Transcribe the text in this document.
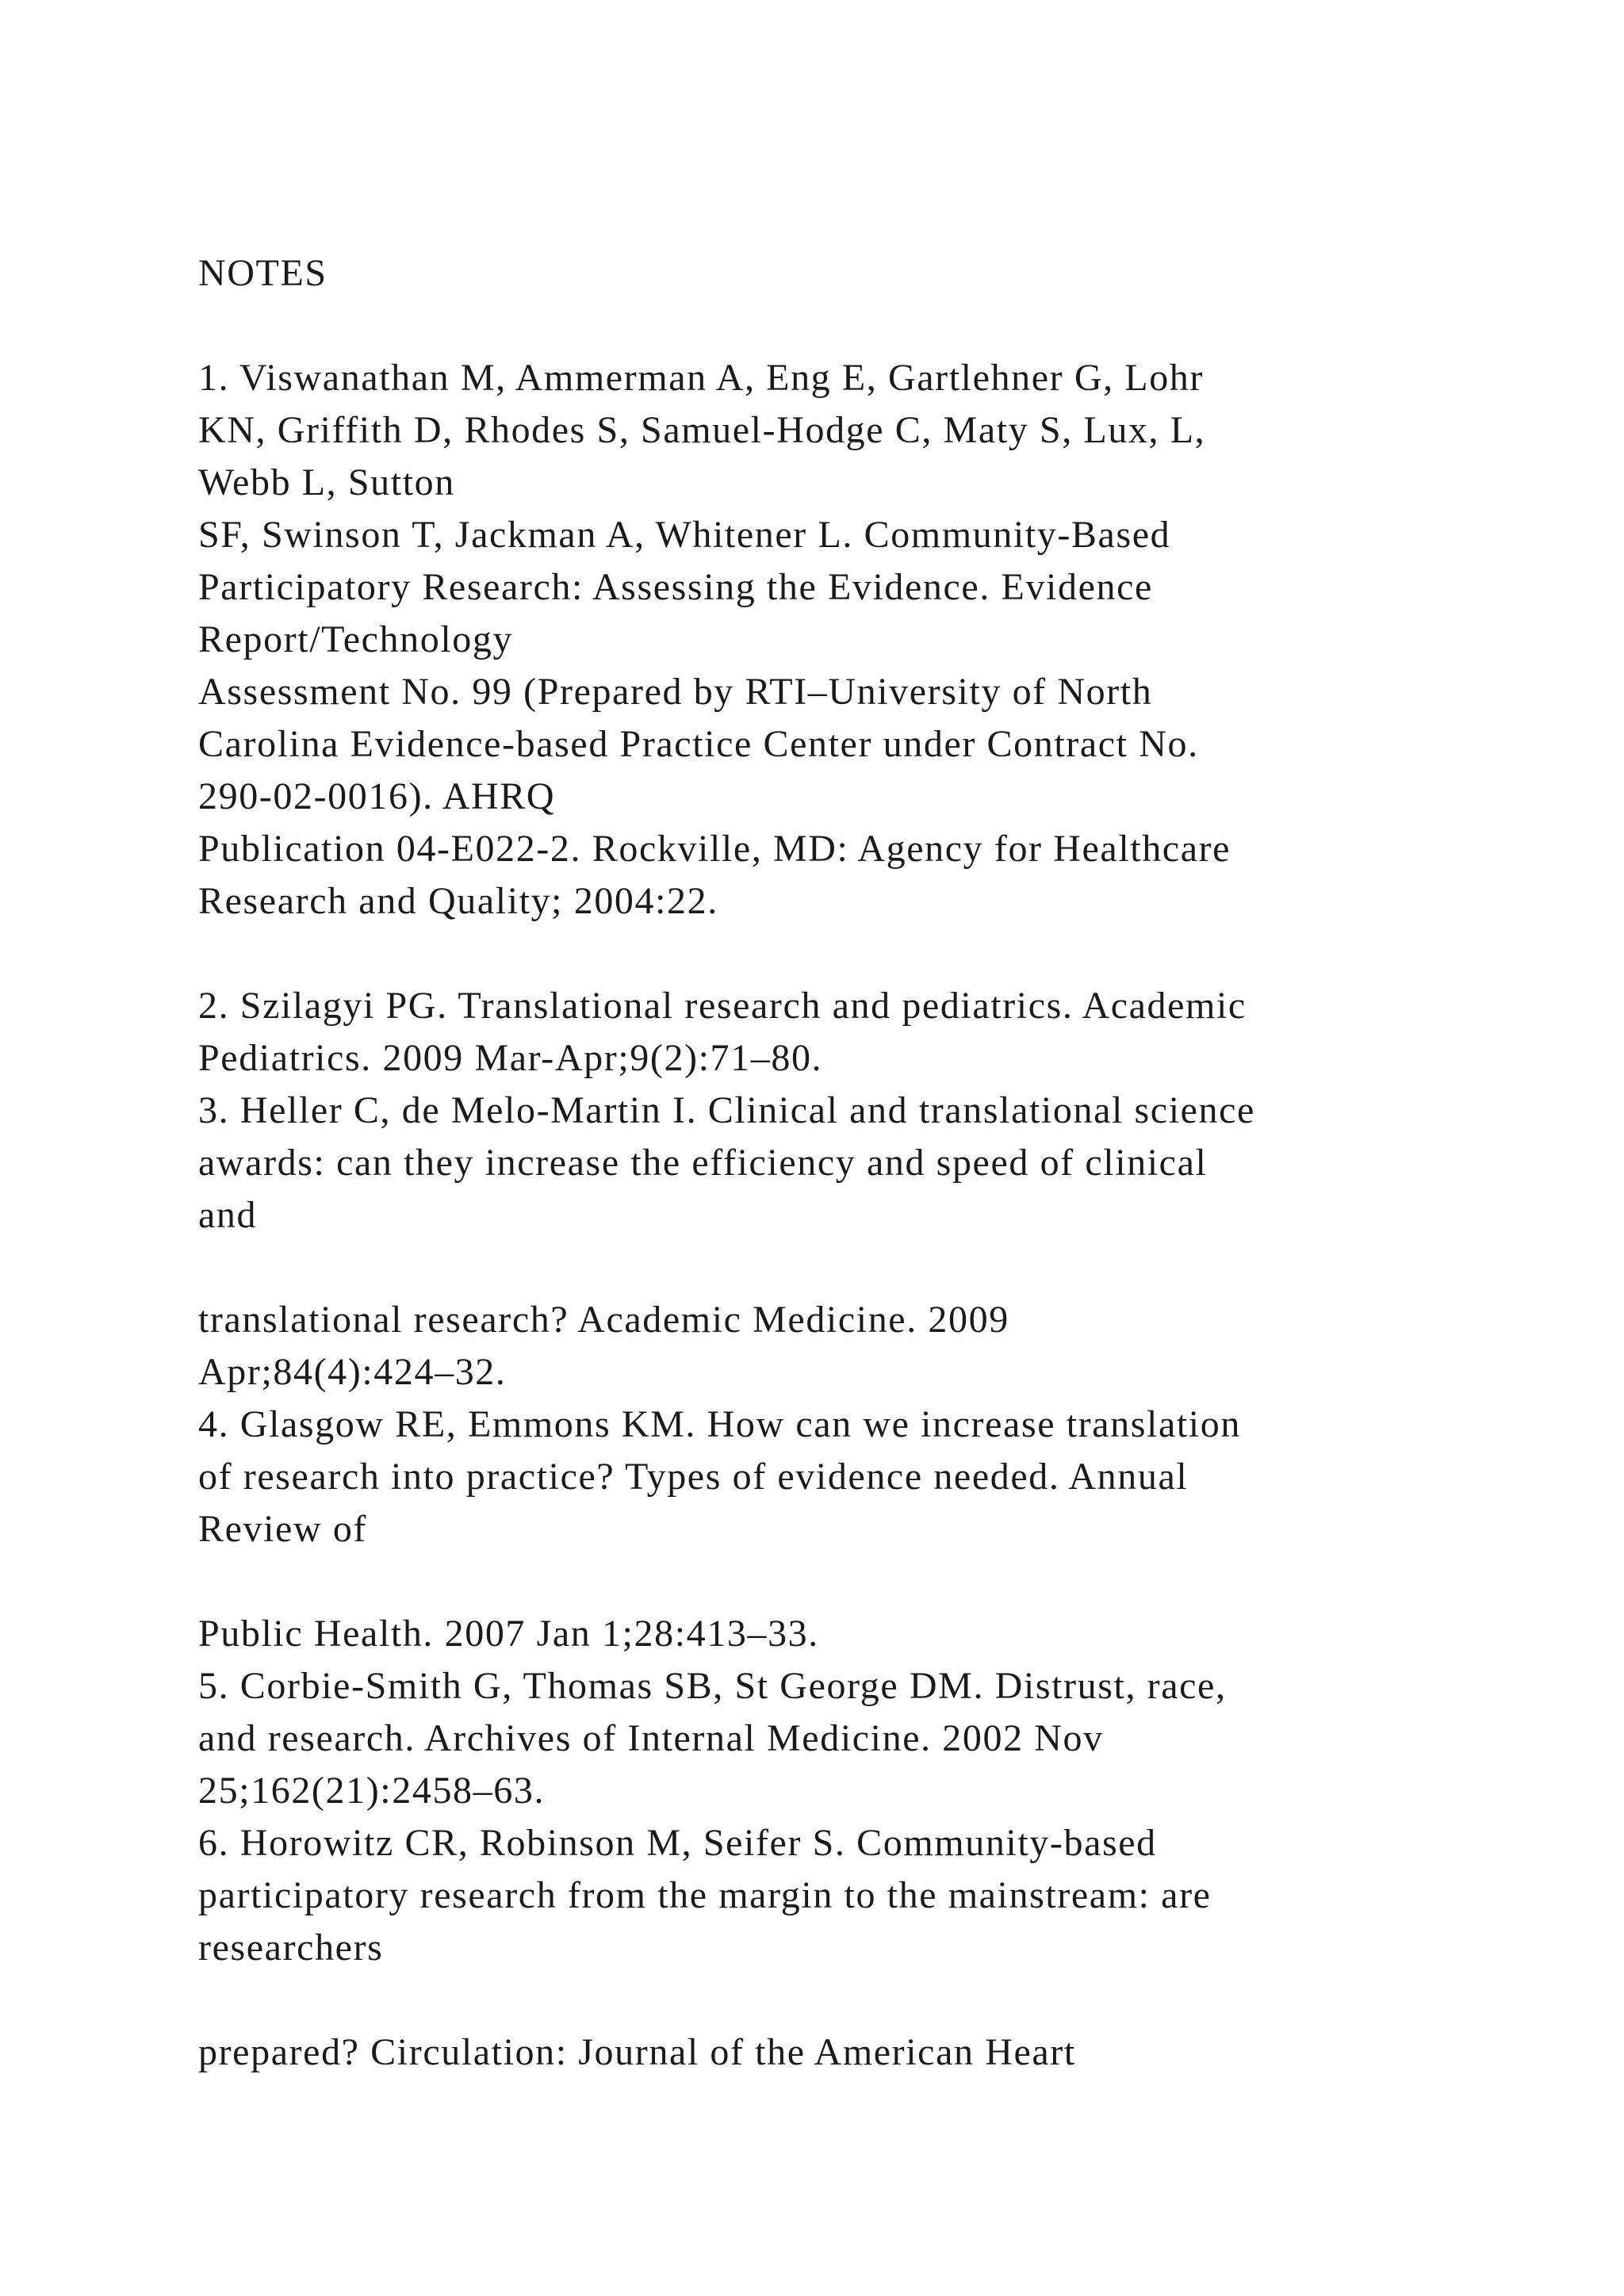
NOTES
1. Viswanathan M, Ammerman A, Eng E, Gartlehner G, Lohr
KN, Griffith D, Rhodes S, Samuel-Hodge C, Maty S, Lux, L,
Webb L, Sutton
SF, Swinson T, Jackman A, Whitener L. Community-Based
Participatory Research: Assessing the Evidence. Evidence
Report/Technology
Assessment No. 99 (Prepared by RTI–University of North
Carolina Evidence-based Practice Center under Contract No.
290-02-0016). AHRQ
Publication 04-E022-2. Rockville, MD: Agency for Healthcare
Research and Quality; 2004:22.
2. Szilagyi PG. Translational research and pediatrics. Academic
Pediatrics. 2009 Mar-Apr;9(2):71–80.
3. Heller C, de Melo-Martin I. Clinical and translational science
awards: can they increase the efficiency and speed of clinical
and
translational research? Academic Medicine. 2009
Apr;84(4):424–32.
4. Glasgow RE, Emmons KM. How can we increase translation
of research into practice? Types of evidence needed. Annual
Review of
Public Health. 2007 Jan 1;28:413–33.
5. Corbie-Smith G, Thomas SB, St George DM. Distrust, race,
and research. Archives of Internal Medicine. 2002 Nov
25;162(21):2458–63.
6. Horowitz CR, Robinson M, Seifer S. Community-based
participatory research from the margin to the mainstream: are
researchers
prepared? Circulation: Journal of the American Heart
